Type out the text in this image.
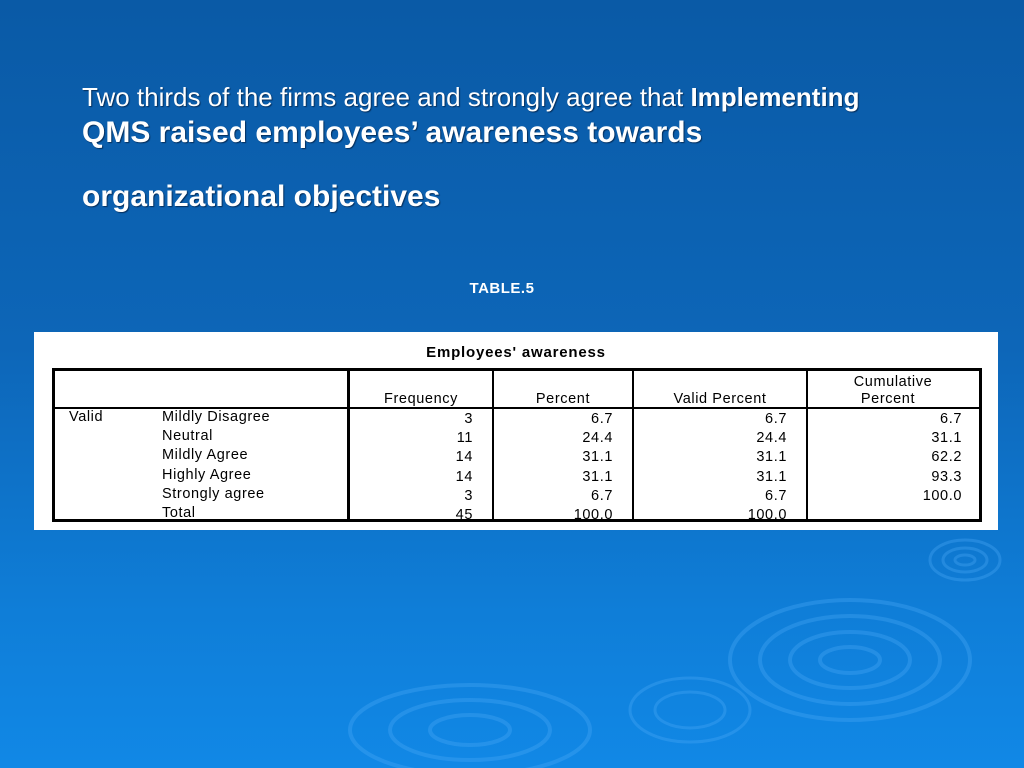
Two thirds of the firms agree and strongly agree that Implementing
QMS raised employees’ awareness towards
organizational objectives
TABLE.5
Employees' awareness
Frequency	Percent	Valid Percent
Cumulative
Percent
Valid	Mildly Disagree	3	6.7	6.7	6.7
Neutral	11	24.4	24.4	31.1
Mildly Agree	14	31.1	31.1	62.2
Highly Agree	14	31.1	31.1	93.3
Strongly agree	3	6.7	6.7	100.0
Total	45	100.0	100.0
